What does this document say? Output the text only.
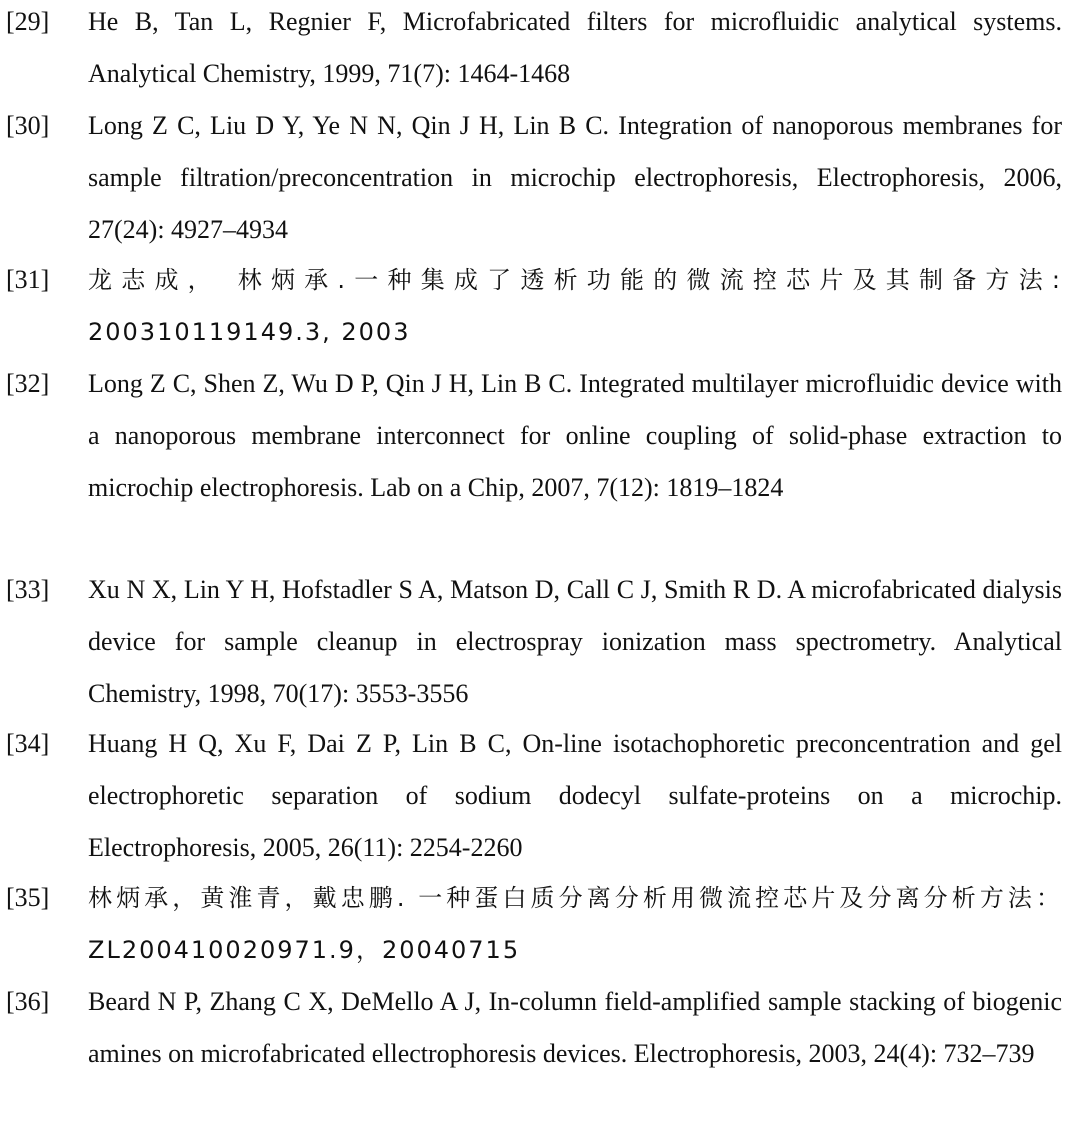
[29] He B, Tan L, Regnier F, Microfabricated filters for microfluidic analytical systems. Analytical Chemistry, 1999, 71(7): 1464-1468
[30] Long Z C, Liu D Y, Ye N N, Qin J H, Lin B C. Integration of nanoporous membranes for sample filtration/preconcentration in microchip electrophoresis, Electrophoresis, 2006, 27(24): 4927–4934
[31] 龙志成， 林炳承.一种集成了透析功能的微流控芯片及其制备方法: 200310119149.3, 2003
[32] Long Z C, Shen Z, Wu D P, Qin J H, Lin B C. Integrated multilayer microfluidic device with a nanoporous membrane interconnect for online coupling of solid-phase extraction to microchip electrophoresis. Lab on a Chip, 2007, 7(12): 1819–1824
[33] Xu N X, Lin Y H, Hofstadler S A, Matson D, Call C J, Smith R D. A microfabricated dialysis device for sample cleanup in electrospray ionization mass spectrometry. Analytical Chemistry, 1998, 70(17): 3553-3556
[34] Huang H Q, Xu F, Dai Z P, Lin B C, On-line isotachophoretic preconcentration and gel electrophoretic separation of sodium dodecyl sulfate-proteins on a microchip. Electrophoresis, 2005, 26(11): 2254-2260
[35] 林炳承，黄淮青，戴忠鹏. 一种蛋白质分离分析用微流控芯片及分离分析方法：ZL200410020971.9，20040715
[36] Beard N P, Zhang C X, DeMello A J, In-column field-amplified sample stacking of biogenic amines on microfabricated ellectrophoresis devices. Electrophoresis, 2003, 24(4): 732–739
